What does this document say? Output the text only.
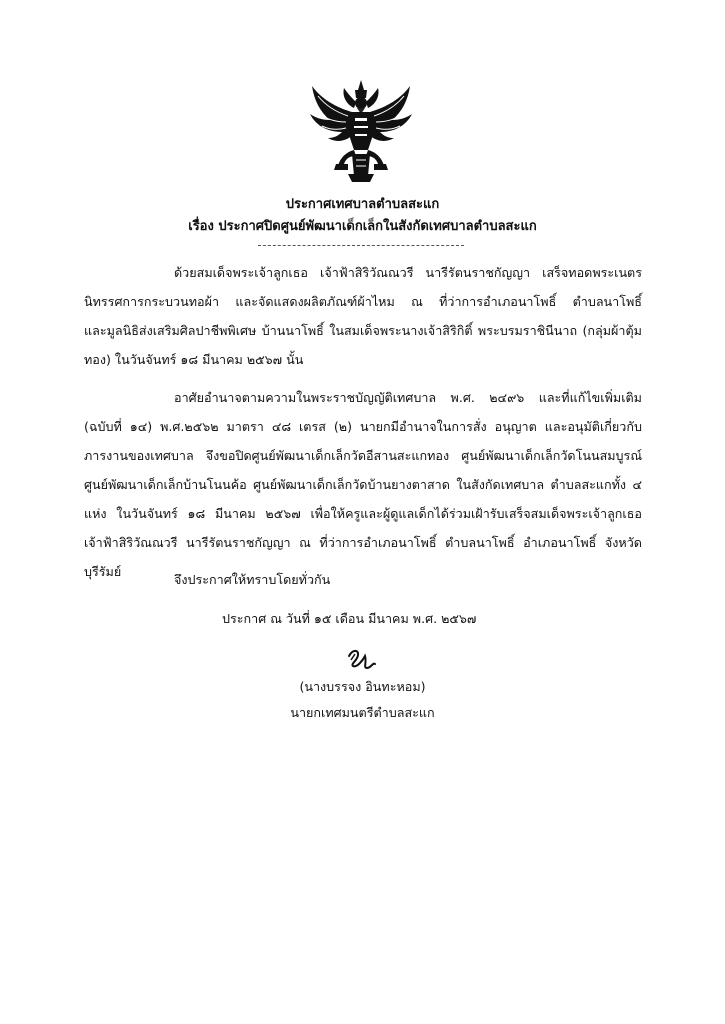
ประกาศเทศบาลตำบลสะแก
เรื่อง ประกาศปิดศูนย์พัฒนาเด็กเล็กในสังกัดเทศบาลตำบลสะแก
ด้วยสมเด็จพระเจ้าลูกเธอ เจ้าฟ้าสิริวัณณวรี นารีรัตนราชกัญญา เสร็จทอดพระเนตร
นิทรรศการกระบวนทอผ้า และจัดแสดงผลิตภัณฑ์ผ้าไหม ณ ที่ว่าการอำเภอนาโพธิ์ ตำบลนาโพธิ์
และมูลนิธิส่งเสริมศิลปาชีพพิเศษ บ้านนาโพธิ์ ในสมเด็จพระนางเจ้าสิริกิติ์ พระบรมราชินีนาถ (กลุ่มผ้าตุ้ม
ทอง) ในวันจันทร์ ๑๘ มีนาคม ๒๕๖๗ นั้น
อาศัยอำนาจตามความในพระราชบัญญัติเทศบาล พ.ศ. ๒๔๙๖ และที่แก้ไขเพิ่มเติม
(ฉบับที่ ๑๔) พ.ศ.๒๕๖๒ มาตรา ๔๘ เตรส (๒) นายกมีอำนาจในการสั่ง อนุญาต และอนุมัติเกี่ยวกับ
ภารงานของเทศบาล จึงขอปิดศูนย์พัฒนาเด็กเล็กวัดอีสานสะแกทอง ศูนย์พัฒนาเด็กเล็กวัดโนนสมบูรณ์
ศูนย์พัฒนาเด็กเล็กบ้านโนนค้อ ศูนย์พัฒนาเด็กเล็กวัดบ้านยางตาสาด ในสังกัดเทศบาล ตำบลสะแกทั้ง ๔
แห่ง ในวันจันทร์ ๑๘ มีนาคม ๒๕๖๗ เพื่อให้ครูและผู้ดูแลเด็กได้ร่วมเฝ้ารับเสร็จสมเด็จพระเจ้าลูกเธอ
เจ้าฟ้าสิริวัณณวรี นารีรัตนราชกัญญา ณ ที่ว่าการอำเภอนาโพธิ์ ตำบลนาโพธิ์ อำเภอนาโพธิ์ จังหวัด
บุรีรัมย์
จึงประกาศให้ทราบโดยทั่วกัน
ประกาศ ณ วันที่ ๑๕ เดือน มีนาคม พ.ศ. ๒๕๖๗
(นางบรรจง อินทะหอม)
นายกเทศมนตรีตำบลสะแก
